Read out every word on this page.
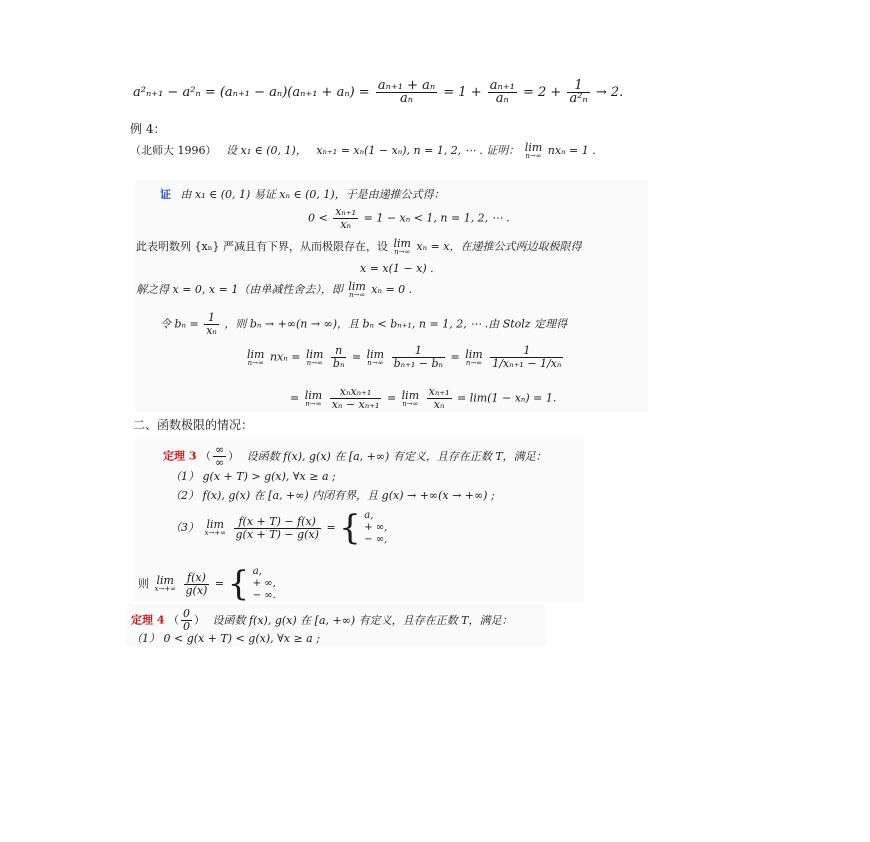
$a^2_{n+1} - a^2_n = (a_{n+1} - a_n)(a_{n+1} + a_n) = \frac{\text{aₙ₊₁ + aₙ}}{\text{aₙ}} = 1 + \frac{\text{aₙ₊₁}}{\text{aₙ}} = 2 + \frac{1}{\text{a²ₙ}} \to 2$.
例 4：
（北师大 1996） 设 x₁ ∈ (0, 1)， xₙ₊₁ = xₙ(1 − xₙ), n = 1, 2, ⋯ . 证明： lim
n→∞ nxₙ = 1 .
证 由 x₁ ∈ (0, 1) 易证 xₙ ∈ (0, 1)，于是由递推公式得：
$0 < \frac{\text{xₙ₊₁}}{\text{xₙ}} = 1 - x_n < 1$, n = 1, 2, ⋯ .
此表明数列 {xₙ} 严减且有下界，从而极限存在，设 lim
n→∞ xₙ = x，在递推公式两边取极限得
x = x(1 − x) .
解之得 x = 0, x = 1（由单减性舍去），即 lim
n→∞ xₙ = 0 .
令 $b_n = \frac{1}{\text{xₙ}}$ ，则 bₙ → +∞(n → ∞)，且 bₙ < bₙ₊₁, n = 1, 2, ⋯ .由 Stolz 定理得
lim
n→∞ nxₙ = lim
n→∞
$\frac{n}{\text{bₙ}} = \lim$
n→∞
$\frac{1}{\text{bₙ₊₁ − bₙ}} = \lim$
n→∞
$\frac{1}{\text{1/xₙ₊₁ − 1/xₙ}}$
= lim
n→∞
$\frac{\text{xₙxₙ₊₁}}{\text{xₙ − xₙ₊₁}} = \lim$
n→∞
$\frac{\text{xₙ₊₁}}{\text{xₙ}} = \lim(1 - x_n) = 1$.
二、函数极限的情况：
定理 3 （ $\frac{\infty}{\infty}$ ） 设函数 f(x), g(x) 在 [a, +∞) 有定义，且存在正数 T，满足：
（1） g(x + T) > g(x), ∀x ≥ a ;
（2） f(x), g(x) 在 [a, +∞) 内闭有界，且 g(x) → +∞(x → +∞) ;
（3） lim
x→+∞
$\frac{f(x + T) - f(x)}{g(x + T) - g(x)}$ = { a,
+ ∞,
− ∞,
则 lim
x→+∞
$\frac{f(x)}{g(x)}$ = { a,
+ ∞,
− ∞.
定理 4 （ $\frac{0}{0}$ ） 设函数 f(x), g(x) 在 [a, +∞) 有定义，且存在正数 T，满足：
（1） 0 < g(x + T) < g(x), ∀x ≥ a ;
